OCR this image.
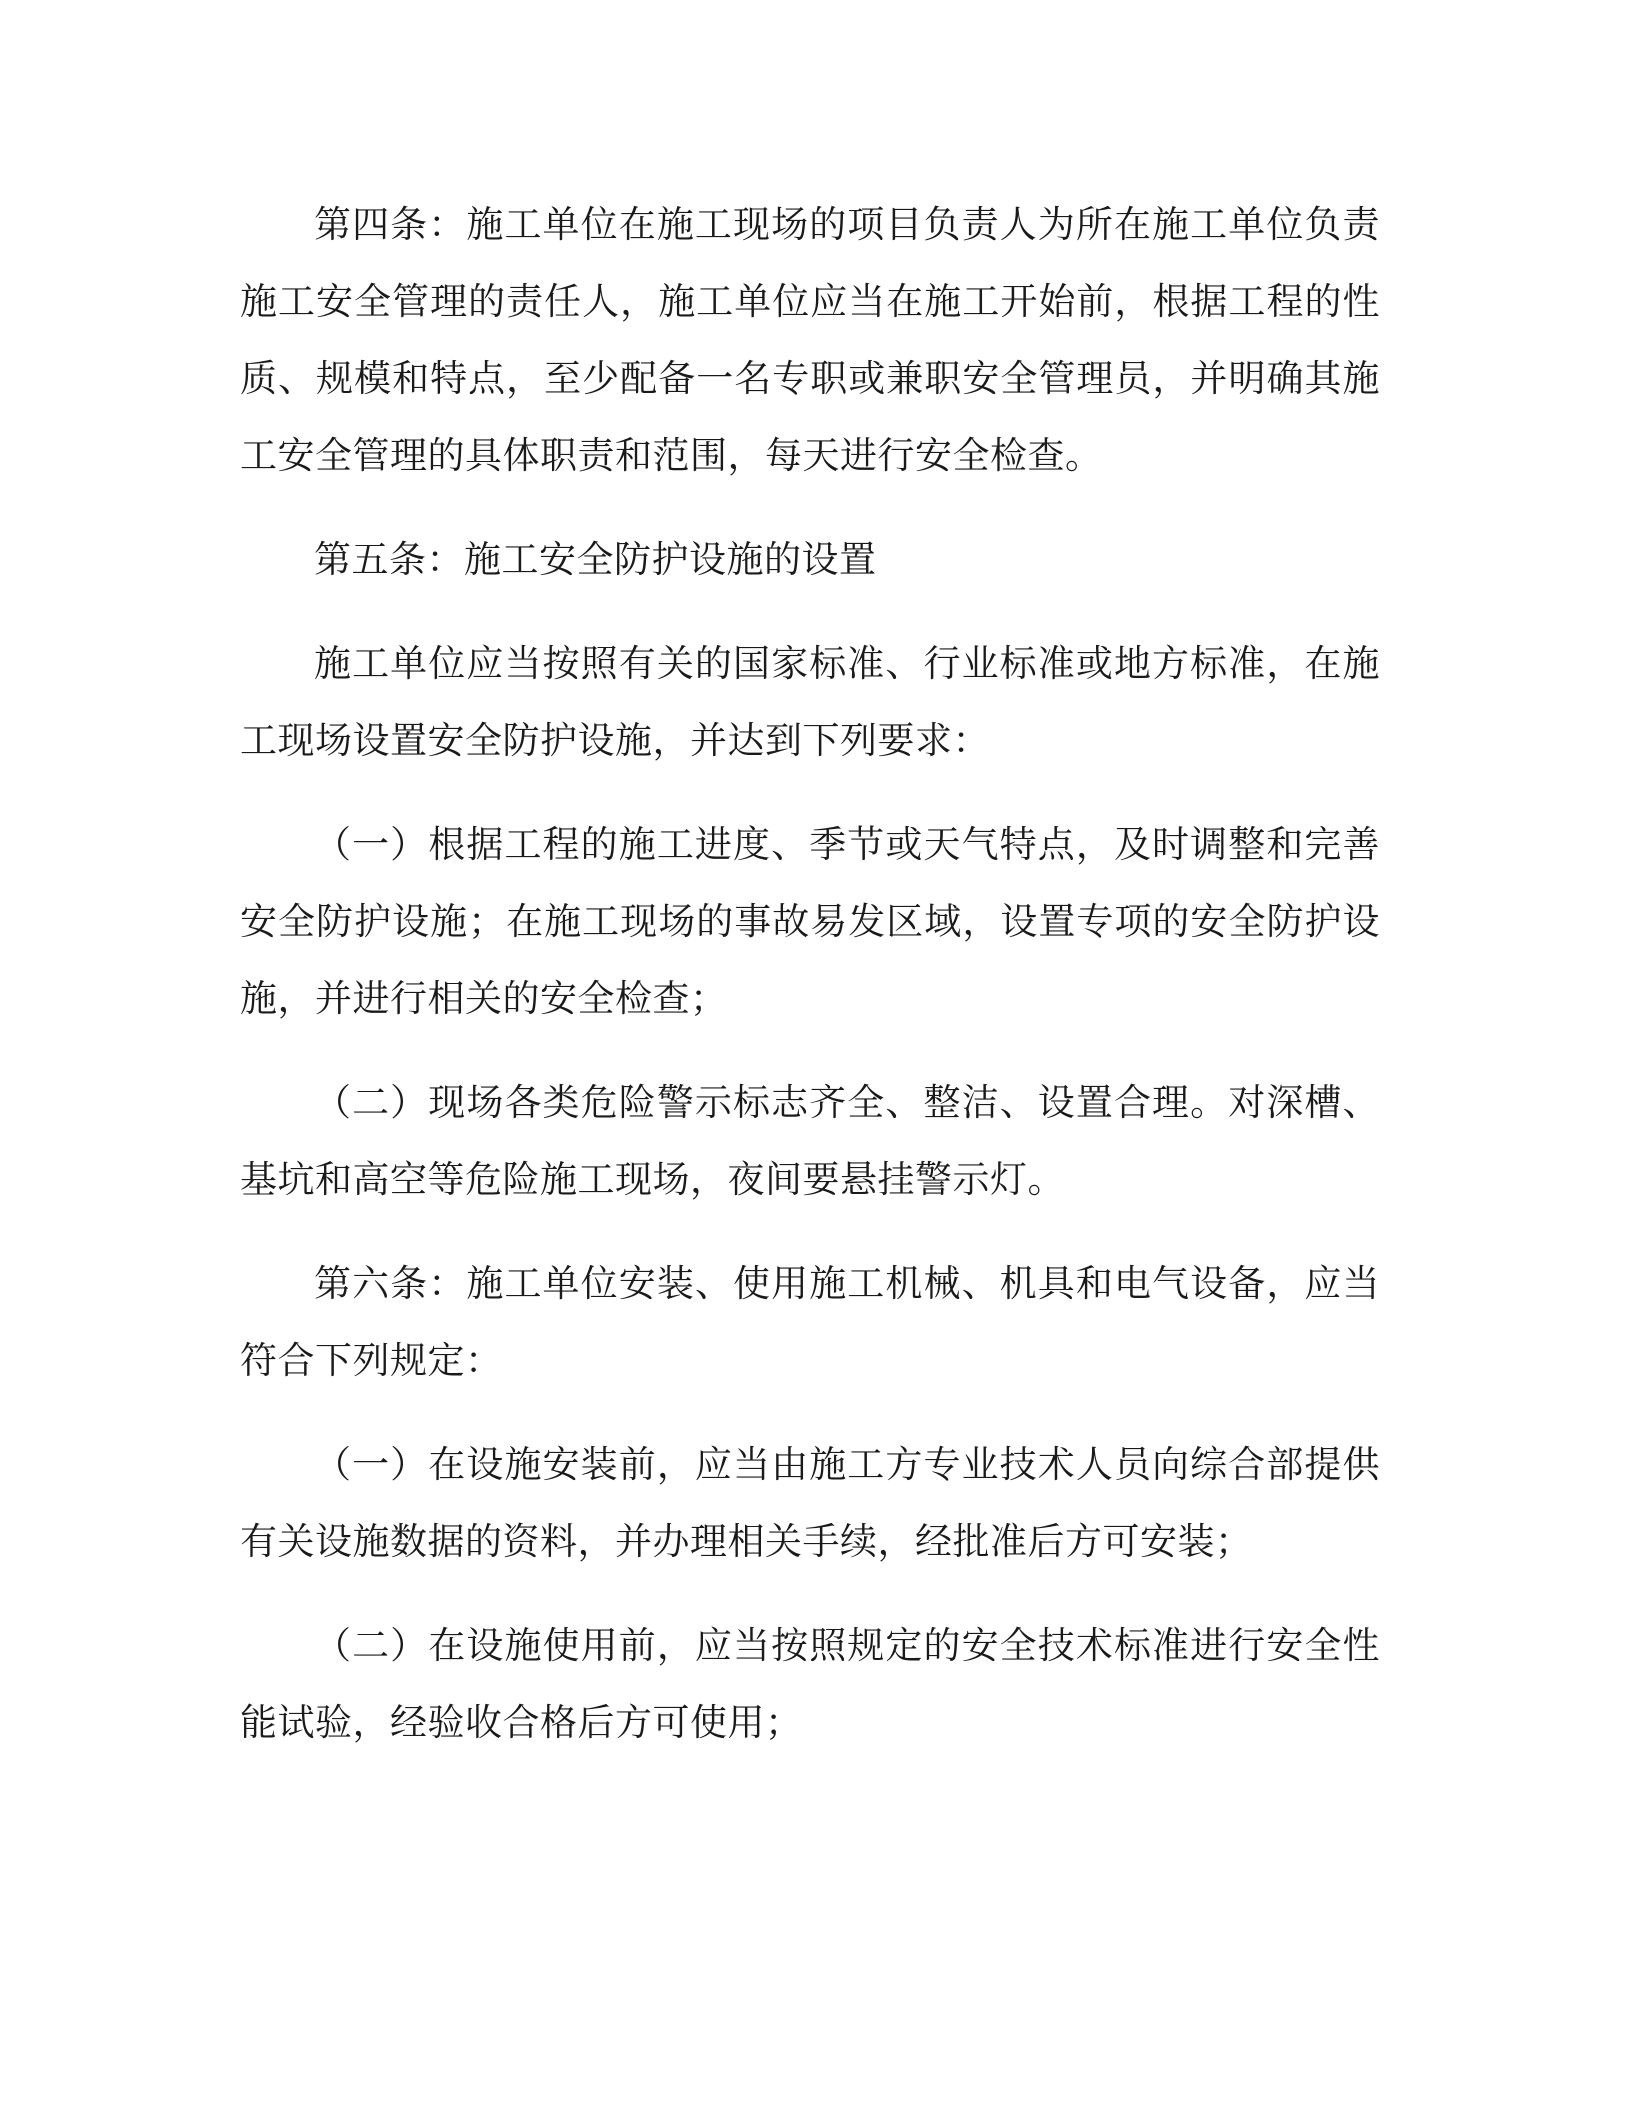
第四条：施工单位在施工现场的项目负责人为所在施工单位负责施工安全管理的责任人，施工单位应当在施工开始前，根据工程的性质、规模和特点，至少配备一名专职或兼职安全管理员，并明确其施工安全管理的具体职责和范围，每天进行安全检查。

第五条：施工安全防护设施的设置

施工单位应当按照有关的国家标准、行业标准或地方标准，在施工现场设置安全防护设施，并达到下列要求：

（一）根据工程的施工进度、季节或天气特点，及时调整和完善安全防护设施；在施工现场的事故易发区域，设置专项的安全防护设施，并进行相关的安全检查；

（二）现场各类危险警示标志齐全、整洁、设置合理。对深槽、基坑和高空等危险施工现场，夜间要悬挂警示灯。

第六条：施工单位安装、使用施工机械、机具和电气设备，应当符合下列规定：

（一）在设施安装前，应当由施工方专业技术人员向综合部提供有关设施数据的资料，并办理相关手续，经批准后方可安装；

（二）在设施使用前，应当按照规定的安全技术标准进行安全性能试验，经验收合格后方可使用；
